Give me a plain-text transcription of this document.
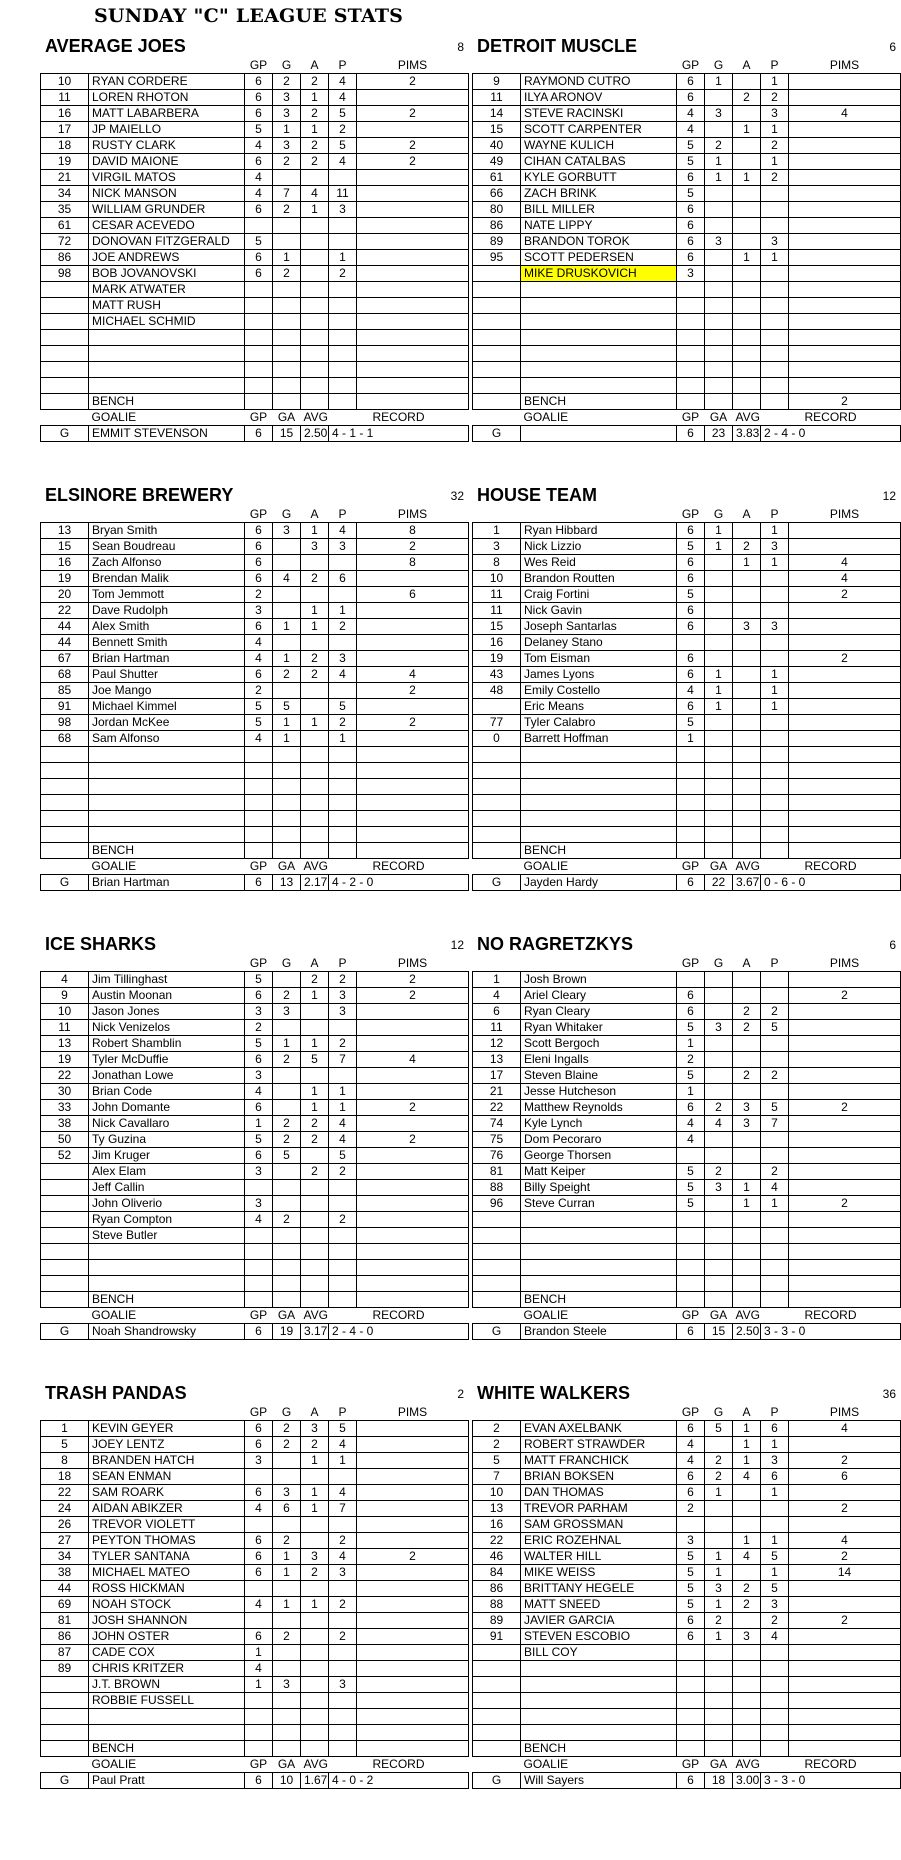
SUNDAY "C" LEAGUE STATS
AVERAGE JOES	8
		GP	G	A	P	PIMS
10	RYAN CORDERE	6	2	2	4	2
11	LOREN RHOTON	6	3	1	4	
16	MATT LABARBERA	6	3	2	5	2
17	JP MAIELLO	5	1	1	2	
18	RUSTY CLARK	4	3	2	5	2
19	DAVID MAIONE	6	2	2	4	2
21	VIRGIL MATOS	4				
34	NICK MANSON	4	7	4	11	
35	WILLIAM GRUNDER	6	2	1	3	
61	CESAR ACEVEDO					
72	DONOVAN FITZGERALD	5				
86	JOE ANDREWS	6	1		1	
98	BOB JOVANOVSKI	6	2		2	
	MARK ATWATER					
	MATT RUSH					
	MICHAEL SCHMID					

	BENCH					
	GOALIE	GP	GA	AVG	RECORD	
G	EMMIT STEVENSON	6	15	2.50	4 - 1 - 1	
DETROIT MUSCLE	6
		GP	G	A	P	PIMS
9	RAYMOND CUTRO	6	1		1	
11	ILYA ARONOV	6		2	2	
14	STEVE RACINSKI	4	3		3	4
15	SCOTT CARPENTER	4		1	1	
40	WAYNE KULICH	5	2		2	
49	CIHAN CATALBAS	5	1		1	
61	KYLE GORBUTT	6	1	1	2	
66	ZACH BRINK	5				
80	BILL MILLER	6				
86	NATE LIPPY	6				
89	BRANDON TOROK	6	3		3	
95	SCOTT PEDERSEN	6		1	1	
	MIKE DRUSKOVICH	3				

	BENCH					2
	GOALIE	GP	GA	AVG	RECORD	
G		6	23	3.83	2 - 4 - 0	
ELSINORE BREWERY	32
		GP	G	A	P	PIMS
13	Bryan Smith	6	3	1	4	8
15	Sean Boudreau	6		3	3	2
16	Zach Alfonso	6				8
19	Brendan Malik	6	4	2	6	
20	Tom Jemmott	2				6
22	Dave Rudolph	3		1	1	
44	Alex Smith	6	1	1	2	
44	Bennett Smith	4				
67	Brian Hartman	4	1	2	3	
68	Paul Shutter	6	2	2	4	4
85	Joe Mango	2				2
91	Michael Kimmel	5	5		5	
98	Jordan McKee	5	1	1	2	2
68	Sam Alfonso	4	1		1	

	BENCH					
	GOALIE	GP	GA	AVG	RECORD	
G	Brian Hartman	6	13	2.17	4 - 2 - 0	
HOUSE TEAM	12
		GP	G	A	P	PIMS
1	Ryan Hibbard	6	1		1	
3	Nick Lizzio	5	1	2	3	
8	Wes Reid	6		1	1	4
10	Brandon Routten	6				4
11	Craig Fortini	5				2
11	Nick Gavin	6				
15	Joseph Santarlas	6		3	3	
16	Delaney Stano					
19	Tom Eisman	6				2
43	James Lyons	6	1		1	
48	Emily Costello	4	1		1	
	Eric Means	6	1		1	
77	Tyler Calabro	5				
0	Barrett Hoffman	1				

	BENCH					
	GOALIE	GP	GA	AVG	RECORD	
G	Jayden Hardy	6	22	3.67	0 - 6 - 0	
ICE SHARKS	12
		GP	G	A	P	PIMS
4	Jim Tillinghast	5		2	2	2
9	Austin Moonan	6	2	1	3	2
10	Jason Jones	3	3		3	
11	Nick Venizelos	2				
13	Robert Shamblin	5	1	1	2	
19	Tyler McDuffie	6	2	5	7	4
22	Jonathan Lowe	3				
30	Brian Code	4		1	1	
33	John Domante	6		1	1	2
38	Nick Cavallaro	1	2	2	4	
50	Ty Guzina	5	2	2	4	2
52	Jim Kruger	6	5		5	
	Alex Elam	3		2	2	
	Jeff Callin					
	John Oliverio	3				
	Ryan Compton	4	2		2	
	Steve Butler					

	BENCH					
	GOALIE	GP	GA	AVG	RECORD	
G	Noah Shandrowsky	6	19	3.17	2 - 4 - 0	
NO RAGRETZKYS	6
		GP	G	A	P	PIMS
1	Josh Brown					
4	Ariel Cleary	6				2
6	Ryan Cleary	6		2	2	
11	Ryan Whitaker	5	3	2	5	
12	Scott Bergoch	1				
13	Eleni Ingalls	2				
17	Steven Blaine	5		2	2	
21	Jesse Hutcheson	1				
22	Matthew Reynolds	6	2	3	5	2
74	Kyle Lynch	4	4	3	7	
75	Dom Pecoraro	4				
76	George Thorsen					
81	Matt Keiper	5	2		2	
88	Billy Speight	5	3	1	4	
96	Steve Curran	5		1	1	2

	BENCH					
	GOALIE	GP	GA	AVG	RECORD	
G	Brandon Steele	6	15	2.50	3 - 3 - 0	
TRASH PANDAS	2
		GP	G	A	P	PIMS
1	KEVIN GEYER	6	2	3	5	
5	JOEY LENTZ	6	2	2	4	
8	BRANDEN HATCH	3		1	1	
18	SEAN ENMAN					
22	SAM ROARK	6	3	1	4	
24	AIDAN ABIKZER	4	6	1	7	
26	TREVOR VIOLETT					
27	PEYTON THOMAS	6	2		2	
34	TYLER SANTANA	6	1	3	4	2
38	MICHAEL MATEO	6	1	2	3	
44	ROSS HICKMAN					
69	NOAH STOCK	4	1	1	2	
81	JOSH SHANNON					
86	JOHN OSTER	6	2		2	
87	CADE COX	1				
89	CHRIS KRITZER	4				
	J.T. BROWN	1	3		3	
	ROBBIE FUSSELL					

	BENCH					
	GOALIE	GP	GA	AVG	RECORD	
G	Paul Pratt	6	10	1.67	4 - 0 - 2	
WHITE WALKERS	36
		GP	G	A	P	PIMS
2	EVAN AXELBANK	6	5	1	6	4
2	ROBERT STRAWDER	4		1	1	
5	MATT FRANCHICK	4	2	1	3	2
7	BRIAN BOKSEN	6	2	4	6	6
10	DAN THOMAS	6	1		1	
13	TREVOR PARHAM	2				2
16	SAM GROSSMAN					
22	ERIC ROZEHNAL	3		1	1	4
46	WALTER HILL	5	1	4	5	2
84	MIKE WEISS	5	1		1	14
86	BRITTANY HEGELE	5	3	2	5	
88	MATT SNEED	5	1	2	3	
89	JAVIER GARCIA	6	2		2	2
91	STEVEN ESCOBIO	6	1	3	4	
	BILL COY					

	BENCH					
	GOALIE	GP	GA	AVG	RECORD	
G	Will Sayers	6	18	3.00	3 - 3 - 0	
